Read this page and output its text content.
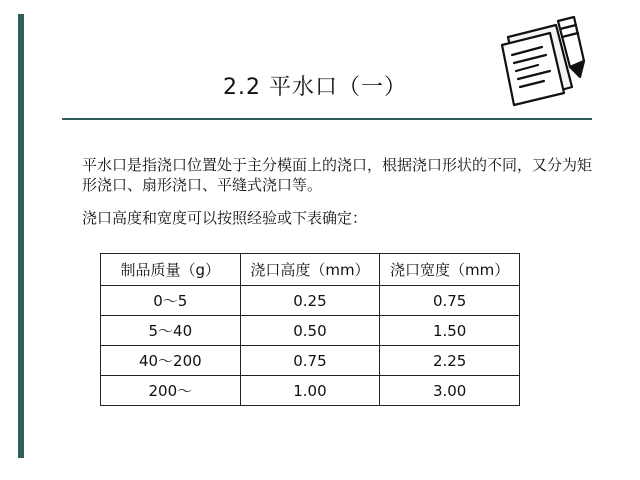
2.2 平水口（一）
平水口是指浇口位置处于主分模面上的浇口，根据浇口形状的不同，又分为矩形浇口、扇形浇口、平缝式浇口等。
浇口高度和宽度可以按照经验或下表确定：
制品质量（g）	浇口高度（mm）	浇口宽度（mm）
0～5	0.25	0.75
5～40	0.50	1.50
40～200	0.75	2.25
200～	1.00	3.00
